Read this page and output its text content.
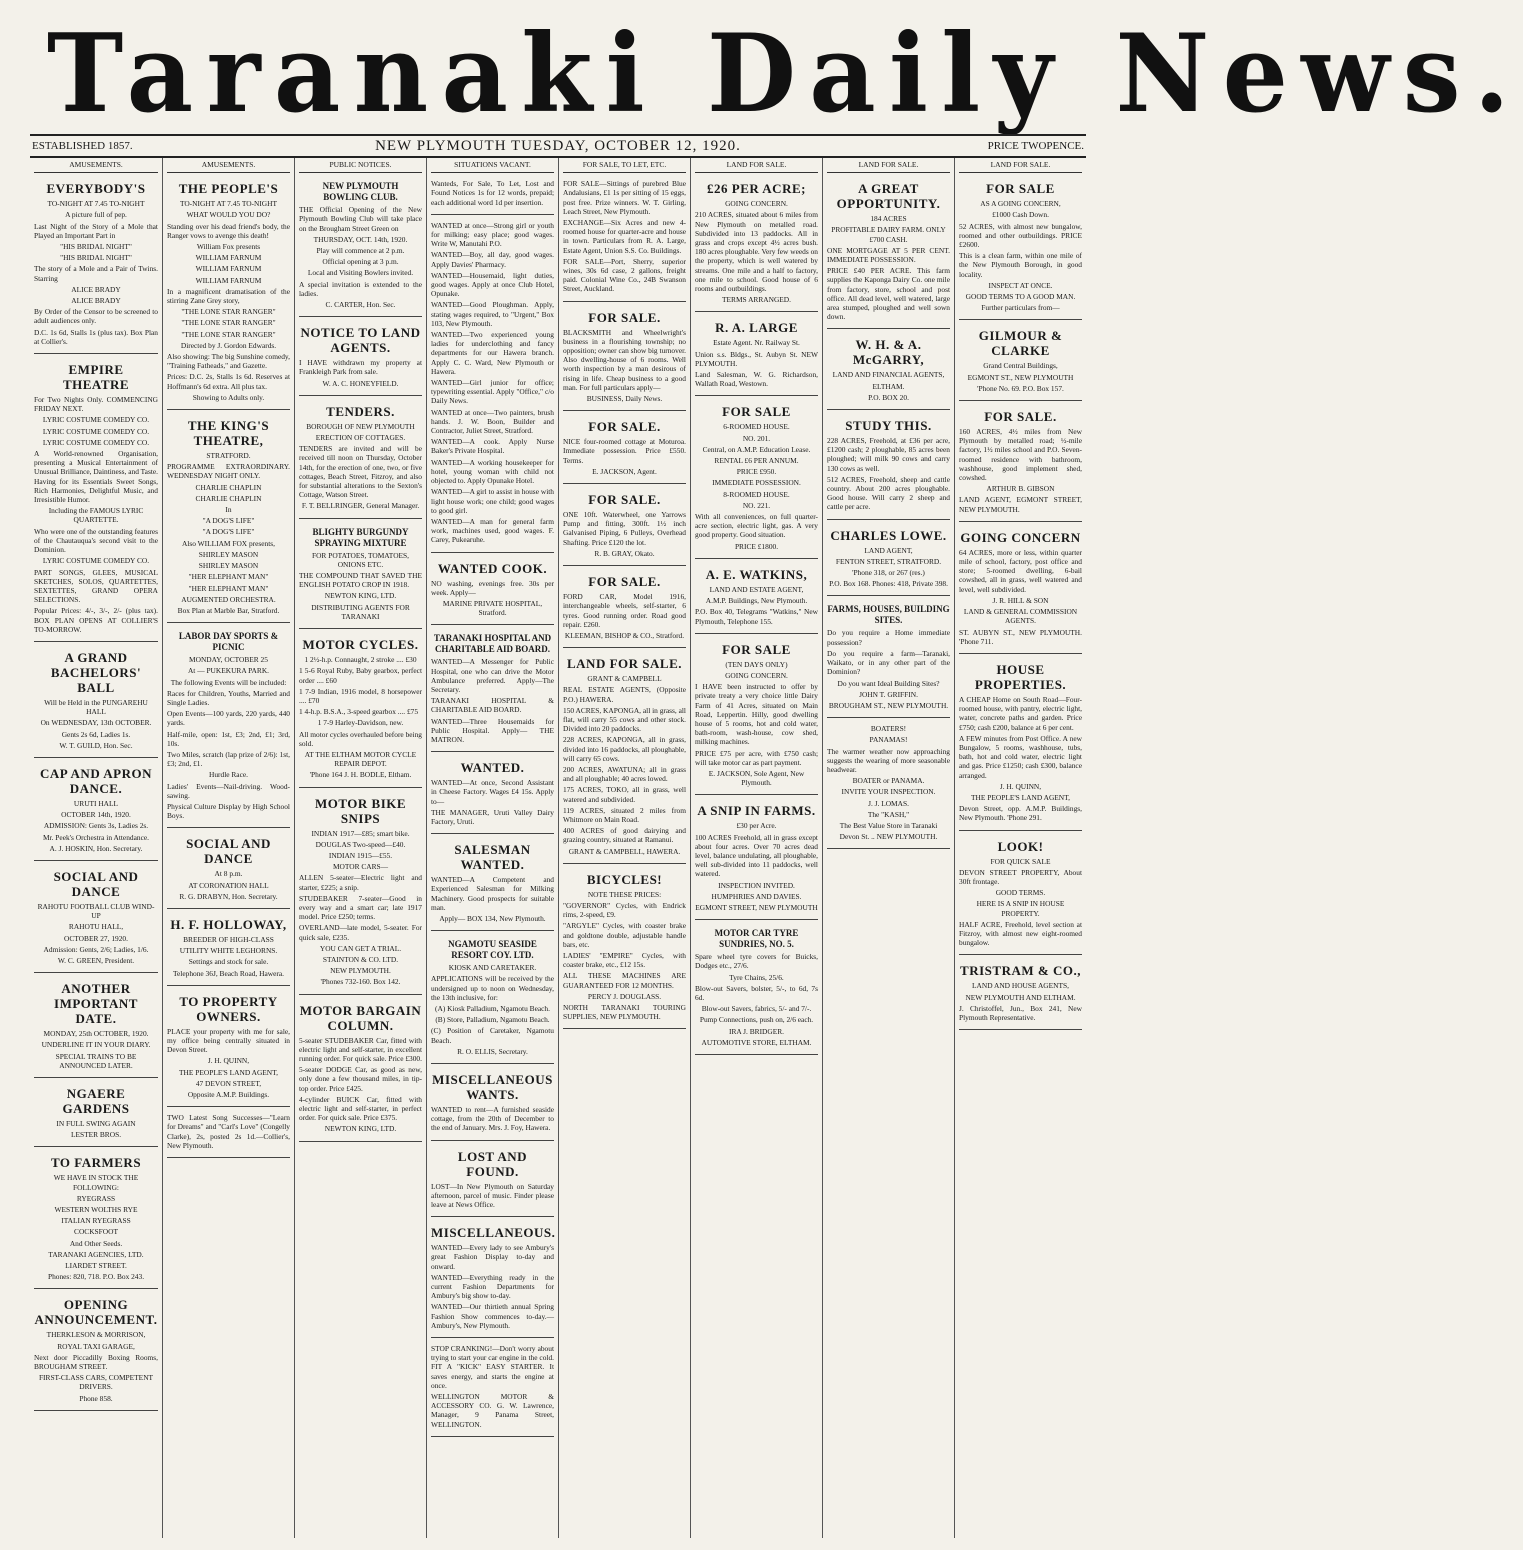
Taranaki Daily News.
ESTABLISHED 1857.	NEW PLYMOUTH TUESDAY, OCTOBER 12, 1920.	PRICE TWOPENCE.
AMUSEMENTS.
EVERYBODY'S

TO-NIGHT AT 7.45 TO-NIGHT

A picture full of pep.

Last Night of the Story of a Mole that Played an Important Part in

"HIS BRIDAL NIGHT"

"HIS BRIDAL NIGHT"

The story of a Mole and a Pair of Twins. Starring

ALICE BRADY

ALICE BRADY

By Order of the Censor to be screened to adult audiences only.

D.C. 1s 6d, Stalls 1s (plus tax). Box Plan at Collier's.

EMPIRE THEATRE

For Two Nights Only. COMMENCING FRIDAY NEXT.

LYRIC COSTUME COMEDY CO.

LYRIC COSTUME COMEDY CO.

LYRIC COSTUME COMEDY CO.

A World-renowned Organisation, presenting a Musical Entertainment of Unusual Brilliance, Daintiness, and Taste. Having for its Essentials Sweet Songs, Rich Harmonies, Delightful Music, and Irresistible Humor.

Including the FAMOUS LYRIC QUARTETTE.

Who were one of the outstanding features of the Chautauqua's second visit to the Dominion.

LYRIC COSTUME COMEDY CO.

PART SONGS, GLEES, MUSICAL SKETCHES, SOLOS, QUARTETTES, SEXTETTES, GRAND OPERA SELECTIONS.

Popular Prices: 4/-, 3/-, 2/- (plus tax). BOX PLAN OPENS AT COLLIER'S TO-MORROW.

A GRAND BACHELORS' BALL

Will be Held in the PUNGAREHU HALL

On WEDNESDAY, 13th OCTOBER.

Gents 2s 6d, Ladies 1s.

W. T. GUILD, Hon. Sec.

CAP AND APRON DANCE.

URUTI HALL

OCTOBER 14th, 1920.

ADMISSION: Gents 3s, Ladies 2s.

Mr. Peek's Orchestra in Attendance.

A. J. HOSKIN, Hon. Secretary.

SOCIAL AND DANCE

RAHOTU FOOTBALL CLUB WIND-UP

RAHOTU HALL,

OCTOBER 27, 1920.

Admission: Gents, 2/6; Ladies, 1/6.

W. C. GREEN, President.

ANOTHER IMPORTANT DATE.

MONDAY, 25th OCTOBER, 1920.

UNDERLINE IT IN YOUR DIARY.

SPECIAL TRAINS TO BE ANNOUNCED LATER.

NGAERE GARDENS

IN FULL SWING AGAIN

LESTER BROS.

TO FARMERS

WE HAVE IN STOCK THE FOLLOWING:

RYEGRASS

WESTERN WOLTHS RYE

ITALIAN RYEGRASS

COCKSFOOT

And Other Seeds.

TARANAKI AGENCIES, LTD.

LIARDET STREET.

Phones: 820, 718. P.O. Box 243.

OPENING ANNOUNCEMENT.

THERKLESON & MORRISON,

ROYAL TAXI GARAGE,

Next door Piccadilly Boxing Rooms, BROUGHAM STREET.

FIRST-CLASS CARS, COMPETENT DRIVERS.

Phone 858.

AMUSEMENTS.
THE PEOPLE'S

TO-NIGHT AT 7.45 TO-NIGHT

WHAT WOULD YOU DO?

Standing over his dead friend's body, the Ranger vows to avenge this death!

William Fox presents

WILLIAM FARNUM

WILLIAM FARNUM

WILLIAM FARNUM

In a magnificent dramatisation of the stirring Zane Grey story,

"THE LONE STAR RANGER"

"THE LONE STAR RANGER"

"THE LONE STAR RANGER"

Directed by J. Gordon Edwards.

Also showing: The big Sunshine comedy, "Training Fatheads," and Gazette.

Prices: D.C. 2s, Stalls 1s 6d. Reserves at Hoffmann's 6d extra. All plus tax.

Showing to Adults only.

THE KING'S THEATRE,

STRATFORD.

PROGRAMME EXTRAORDINARY. WEDNESDAY NIGHT ONLY.

CHARLIE CHAPLIN

CHARLIE CHAPLIN

In

"A DOG'S LIFE"

"A DOG'S LIFE"

Also WILLIAM FOX presents,

SHIRLEY MASON

SHIRLEY MASON

"HER ELEPHANT MAN"

"HER ELEPHANT MAN"

AUGMENTED ORCHESTRA.

Box Plan at Marble Bar, Stratford.

LABOR DAY SPORTS & PICNIC

MONDAY, OCTOBER 25

At — PUKEKURA PARK.

The following Events will be included:

Races for Children, Youths, Married and Single Ladies.

Open Events—100 yards, 220 yards, 440 yards.

Half-mile, open: 1st, £3; 2nd, £1; 3rd, 10s.

Two Miles, scratch (lap prize of 2/6): 1st, £3; 2nd, £1.

Hurdle Race.

Ladies' Events—Nail-driving. Wood-sawing.

Physical Culture Display by High School Boys.

SOCIAL AND DANCE

At 8 p.m.

AT CORONATION HALL

R. G. DRABYN, Hon. Secretary.

H. F. HOLLOWAY,

BREEDER OF HIGH-CLASS

UTILITY WHITE LEGHORNS.

Settings and stock for sale.

Telephone 36J, Beach Road, Hawera.

TO PROPERTY OWNERS.

PLACE your property with me for sale, my office being centrally situated in Devon Street.

J. H. QUINN,

THE PEOPLE'S LAND AGENT,

47 DEVON STREET,

Opposite A.M.P. Buildings.

TWO Latest Song Successes—"Learn for Dreams" and "Carl's Love" (Congelly Clarke), 2s, posted 2s 1d.—Collier's, New Plymouth.

PUBLIC NOTICES.
NEW PLYMOUTH BOWLING CLUB.

THE Official Opening of the New Plymouth Bowling Club will take place on the Brougham Street Green on

THURSDAY, OCT. 14th, 1920.

Play will commence at 2 p.m.

Official opening at 3 p.m.

Local and Visiting Bowlers invited.

A special invitation is extended to the ladies.

C. CARTER, Hon. Sec.

NOTICE TO LAND AGENTS.

I HAVE withdrawn my property at Frankleigh Park from sale.

W. A. C. HONEYFIELD.

TENDERS.

BOROUGH OF NEW PLYMOUTH

ERECTION OF COTTAGES.

TENDERS are invited and will be received till noon on Thursday, October 14th, for the erection of one, two, or five cottages, Beach Street, Fitzroy, and also for substantial alterations to the Sexton's Cottage, Watson Street.

F. T. BELLRINGER, General Manager.

BLIGHTY BURGUNDY SPRAYING MIXTURE

FOR POTATOES, TOMATOES, ONIONS ETC.

THE COMPOUND THAT SAVED THE ENGLISH POTATO CROP IN 1918.

NEWTON KING, LTD.

DISTRIBUTING AGENTS FOR TARANAKI

MOTOR CYCLES.

1 2½-h.p. Connaught, 2 stroke .... £30

1 5-6 Royal Ruby, Baby gearbox, perfect order .... £60

1 7-9 Indian, 1916 model, 8 horsepower .... £70

1 4-h.p. B.S.A., 3-speed gearbox .... £75

1 7-9 Harley-Davidson, new.

All motor cycles overhauled before being sold.

AT THE ELTHAM MOTOR CYCLE REPAIR DEPOT.

'Phone 164 J. H. BODLE, Eltham.

MOTOR BIKE SNIPS

INDIAN 1917—£85; smart bike.

DOUGLAS Two-speed—£40.

INDIAN 1915—£55.

MOTOR CARS—

ALLEN 5-seater—Electric light and starter, £225; a snip.

STUDEBAKER 7-seater—Good in every way and a smart car; late 1917 model. Price £250; terms.

OVERLAND—late model, 5-seater. For quick sale, £235.

YOU CAN GET A TRIAL.

STAINTON & CO. LTD.

NEW PLYMOUTH.

'Phones 732-160. Box 142.

MOTOR BARGAIN COLUMN.

5-seater STUDEBAKER Car, fitted with electric light and self-starter, in excellent running order. For quick sale. Price £300.

5-seater DODGE Car, as good as new, only done a few thousand miles, in tip-top order. Price £425.

4-cylinder BUICK Car, fitted with electric light and self-starter, in perfect order. For quick sale. Price £375.

NEWTON KING, LTD.

SITUATIONS VACANT.

Wanteds, For Sale, To Let, Lost and Found Notices 1s for 12 words, prepaid; each additional word 1d per insertion.

WANTED at once—Strong girl or youth for milking; easy place; good wages. Write W, Manutahi P.O.

WANTED—Boy, all day, good wages. Apply Davies' Pharmacy.

WANTED—Housemaid, light duties, good wages. Apply at once Club Hotel, Opunake.

WANTED—Good Ploughman. Apply, stating wages required, to "Urgent," Box 103, New Plymouth.

WANTED—Two experienced young ladies for underclothing and fancy departments for our Hawera branch. Apply C. C. Ward, New Plymouth or Hawera.

WANTED—Girl junior for office; typewriting essential. Apply "Office," c/o Daily News.

WANTED at once—Two painters, brush hands. J. W. Boon, Builder and Contractor, Juliet Street, Stratford.

WANTED—A cook. Apply Nurse Baker's Private Hospital.

WANTED—A working housekeeper for hotel, young woman with child not objected to. Apply Opunake Hotel.

WANTED—A girl to assist in house with light house work; one child; good wages to good girl.

WANTED—A man for general farm work, machines used, good wages. F. Carey, Pukearuhe.

WANTED COOK.

NO washing, evenings free. 30s per week. Apply—

MARINE PRIVATE HOSPITAL, Stratford.

TARANAKI HOSPITAL AND CHARITABLE AID BOARD.

WANTED—A Messenger for Public Hospital, one who can drive the Motor Ambulance preferred. Apply—The Secretary.

TARANAKI HOSPITAL & CHARITABLE AID BOARD.

WANTED—Three Housemaids for Public Hospital. Apply— THE MATRON.

WANTED.

WANTED—At once, Second Assistant in Cheese Factory. Wages £4 15s. Apply to—

THE MANAGER, Uruti Valley Dairy Factory, Uruti.

SALESMAN WANTED.

WANTED—A Competent and Experienced Salesman for Milking Machinery. Good prospects for suitable man.

Apply— BOX 134, New Plymouth.

NGAMOTU SEASIDE RESORT COY. LTD.

KIOSK AND CARETAKER.

APPLICATIONS will be received by the undersigned up to noon on Wednesday, the 13th inclusive, for:

(A) Kiosk Palladium, Ngamotu Beach.

(B) Store, Palladium, Ngamotu Beach.

(C) Position of Caretaker, Ngamotu Beach.

R. O. ELLIS, Secretary.

MISCELLANEOUS WANTS.

WANTED to rent—A furnished seaside cottage, from the 20th of December to the end of January. Mrs. J. Foy, Hawera.

LOST AND FOUND.

LOST—In New Plymouth on Saturday afternoon, parcel of music. Finder please leave at News Office.

MISCELLANEOUS.

WANTED—Every lady to see Ambury's great Fashion Display to-day and onward.

WANTED—Everything ready in the current Fashion Departments for Ambury's big show to-day.

WANTED—Our thirtieth annual Spring Fashion Show commences to-day.—Ambury's, New Plymouth.

STOP CRANKING!—Don't worry about trying to start your car engine in the cold. FIT A "KICK" EASY STARTER. It saves energy, and starts the engine at once.

WELLINGTON MOTOR & ACCESSORY CO. G. W. Lawrence, Manager, 9 Panama Street, WELLINGTON.

FOR SALE, TO LET, ETC.

FOR SALE—Sittings of purebred Blue Andalusians, £1 1s per sitting of 15 eggs, post free. Prize winners. W. T. Girling, Leach Street, New Plymouth.

EXCHANGE—Six Acres and new 4-roomed house for quarter-acre and house in town. Particulars from R. A. Large, Estate Agent, Union S.S. Co. Buildings.

FOR SALE—Port, Sherry, superior wines, 30s 6d case, 2 gallons, freight paid. Colonial Wine Co., 24B Swanson Street, Auckland.

FOR SALE.

BLACKSMITH and Wheelwright's business in a flourishing township; no opposition; owner can show big turnover. Also dwelling-house of 6 rooms. Well worth inspection by a man desirous of rising in life. Cheap business to a good man. For full particulars apply—

BUSINESS, Daily News.

FOR SALE.

NICE four-roomed cottage at Moturoa. Immediate possession. Price £550. Terms.

E. JACKSON, Agent.

FOR SALE.

ONE 10ft. Waterwheel, one Yarrows Pump and fitting, 300ft. 1½ inch Galvanised Piping, 6 Pulleys, Overhead Shafting. Price £120 the lot.

R. B. GRAY, Okato.

FOR SALE.

FORD CAR, Model 1916, interchangeable wheels, self-starter, 6 tyres. Good running order. Road good repair. £260.

KLEEMAN, BISHOP & CO., Stratford.

LAND FOR SALE.

GRANT & CAMPBELL

REAL ESTATE AGENTS, (Opposite P.O.) HAWERA.

150 ACRES, KAPONGA, all in grass, all flat, will carry 55 cows and other stock. Divided into 20 paddocks.

228 ACRES, KAPONGA, all in grass, divided into 16 paddocks, all ploughable, will carry 65 cows.

200 ACRES, AWATUNA; all in grass and all ploughable; 40 acres lowed.

175 ACRES, TOKO, all in grass, well watered and subdivided.

119 ACRES, situated 2 miles from Whitmore on Main Road.

400 ACRES of good dairying and grazing country, situated at Ramanui.

GRANT & CAMPBELL, HAWERA.

BICYCLES!

NOTE THESE PRICES:

"GOVERNOR" Cycles, with Endrick rims, 2-speed, £9.

"ARGYLE" Cycles, with coaster brake and goldtone double, adjustable handle bars, etc.

LADIES' "EMPIRE" Cycles, with coaster brake, etc., £12 15s.

ALL THESE MACHINES ARE GUARANTEED FOR 12 MONTHS.

PERCY J. DOUGLASS.

NORTH TARANAKI TOURING SUPPLIES, NEW PLYMOUTH.

LAND FOR SALE.
£26 PER ACRE;

GOING CONCERN.

210 ACRES, situated about 6 miles from New Plymouth on metalled road. Subdivided into 13 paddocks. All in grass and crops except 4½ acres bush. 180 acres ploughable. Very few weeds on the property, which is well watered by streams. One mile and a half to factory, one mile to school. Good house of 6 rooms and outbuildings.

TERMS ARRANGED.

R. A. LARGE

Estate Agent. Nr. Railway St.

Union s.s. Bldgs., St. Aubyn St. NEW PLYMOUTH.

Land Salesman, W. G. Richardson, Wallath Road, Westown.

FOR SALE

6-ROOMED HOUSE.

NO. 201.

Central, on A.M.P. Education Lease.

RENTAL £6 PER ANNUM.

PRICE £950.

IMMEDIATE POSSESSION.

8-ROOMED HOUSE.

NO. 221.

With all conveniences, on full quarter-acre section, electric light, gas. A very good property. Good situation.

PRICE £1800.

A. E. WATKINS,

LAND AND ESTATE AGENT,

A.M.P. Buildings, New Plymouth.

P.O. Box 40, Telegrams "Watkins," New Plymouth, Telephone 155.

FOR SALE

(TEN DAYS ONLY)

GOING CONCERN.

I HAVE been instructed to offer by private treaty a very choice little Dairy Farm of 41 Acres, situated on Main Road, Leppertin. Hilly, good dwelling house of 5 rooms, hot and cold water, bath-room, wash-house, cow shed, milking machines.

PRICE £75 per acre, with £750 cash; will take motor car as part payment.

E. JACKSON, Sole Agent, New Plymouth.

A SNIP IN FARMS.

£30 per Acre.

100 ACRES Freehold, all in grass except about four acres. Over 70 acres dead level, balance undulating, all ploughable, well sub-divided into 11 paddocks, well watered.

INSPECTION INVITED.

HUMPHRIES AND DAVIES.

EGMONT STREET, NEW PLYMOUTH

MOTOR CAR TYRE SUNDRIES, NO. 5.

Spare wheel tyre covers for Buicks, Dodges etc., 27/6.

Tyre Chains, 25/6.

Blow-out Savers, bolster, 5/-, to 6d, 7s 6d.

Blow-out Savers, fabrics, 5/- and 7/-.

Pump Connections, push on, 2/6 each.

IRA J. BRIDGER.

AUTOMOTIVE STORE, ELTHAM.

LAND FOR SALE.
A GREAT OPPORTUNITY.

184 ACRES

PROFITABLE DAIRY FARM. ONLY £700 CASH.

ONE MORTGAGE AT 5 PER CENT. IMMEDIATE POSSESSION.

PRICE £40 PER ACRE. This farm supplies the Kaponga Dairy Co. one mile from factory, store, school and post office. All dead level, well watered, large area stumped, ploughed and well sown down.

W. H. & A. McGARRY,

LAND AND FINANCIAL AGENTS,

ELTHAM.

P.O. BOX 20.

STUDY THIS.

228 ACRES, Freehold, at £36 per acre, £1200 cash; 2 ploughable, 85 acres been ploughed; will milk 90 cows and carry 130 cows as well.

512 ACRES, Freehold, sheep and cattle country. About 200 acres ploughable. Good house. Will carry 2 sheep and cattle per acre.

CHARLES LOWE.

LAND AGENT,

FENTON STREET, STRATFORD.

'Phone 318, or 267 (res.)

P.O. Box 168. Phones: 418, Private 398.

FARMS, HOUSES, BUILDING SITES.

Do you require a Home immediate possession?

Do you require a farm—Taranaki, Waikato, or in any other part of the Dominion?

Do you want Ideal Building Sites?

JOHN T. GRIFFIN.

BROUGHAM ST., NEW PLYMOUTH.

BOATERS!

PANAMAS!

The warmer weather now approaching suggests the wearing of more seasonable headwear.

BOATER or PANAMA.

INVITE YOUR INSPECTION.

J. J. LOMAS.

The "KASH,"

The Best Value Store in Taranaki

Devon St. .. NEW PLYMOUTH.

LAND FOR SALE.
FOR SALE

AS A GOING CONCERN,

£1000 Cash Down.

52 ACRES, with almost new bungalow, roomed and other outbuildings. PRICE £2600.

This is a clean farm, within one mile of the New Plymouth Borough, in good locality.

INSPECT AT ONCE.

GOOD TERMS TO A GOOD MAN.

Further particulars from—

GILMOUR & CLARKE

Grand Central Buildings,

EGMONT ST., NEW PLYMOUTH

'Phone No. 69. P.O. Box 157.

FOR SALE.

160 ACRES, 4½ miles from New Plymouth by metalled road; ½-mile factory, 1½ miles school and P.O. Seven-roomed residence with bathroom, washhouse, good implement shed, cowshed.

ARTHUR B. GIBSON

LAND AGENT, EGMONT STREET, NEW PLYMOUTH.

GOING CONCERN

64 ACRES, more or less, within quarter mile of school, factory, post office and store; 5-roomed dwelling, 6-bail cowshed, all in grass, well watered and level, well subdivided.

J. R. HILL & SON

LAND & GENERAL COMMISSION AGENTS.

ST. AUBYN ST., NEW PLYMOUTH. 'Phone 711.

HOUSE PROPERTIES.

A CHEAP Home on South Road—Four-roomed house, with pantry, electric light, water, concrete paths and garden. Price £750; cash £200, balance at 6 per cent.

A FEW minutes from Post Office. A new Bungalow, 5 rooms, washhouse, tubs, bath, hot and cold water, electric light and gas. Price £1250; cash £300, balance arranged.

J. H. QUINN,

THE PEOPLE'S LAND AGENT,

Devon Street, opp. A.M.P. Buildings, New Plymouth. 'Phone 291.

LOOK!

FOR QUICK SALE

DEVON STREET PROPERTY, About 30ft frontage.

GOOD TERMS.

HERE IS A SNIP IN HOUSE PROPERTY.

HALF ACRE, Freehold, level section at Fitzroy, with almost new eight-roomed bungalow.

TRISTRAM & CO.,

LAND AND HOUSE AGENTS,

NEW PLYMOUTH AND ELTHAM.

J. Christoffel, Jun., Box 241, New Plymouth Representative.
